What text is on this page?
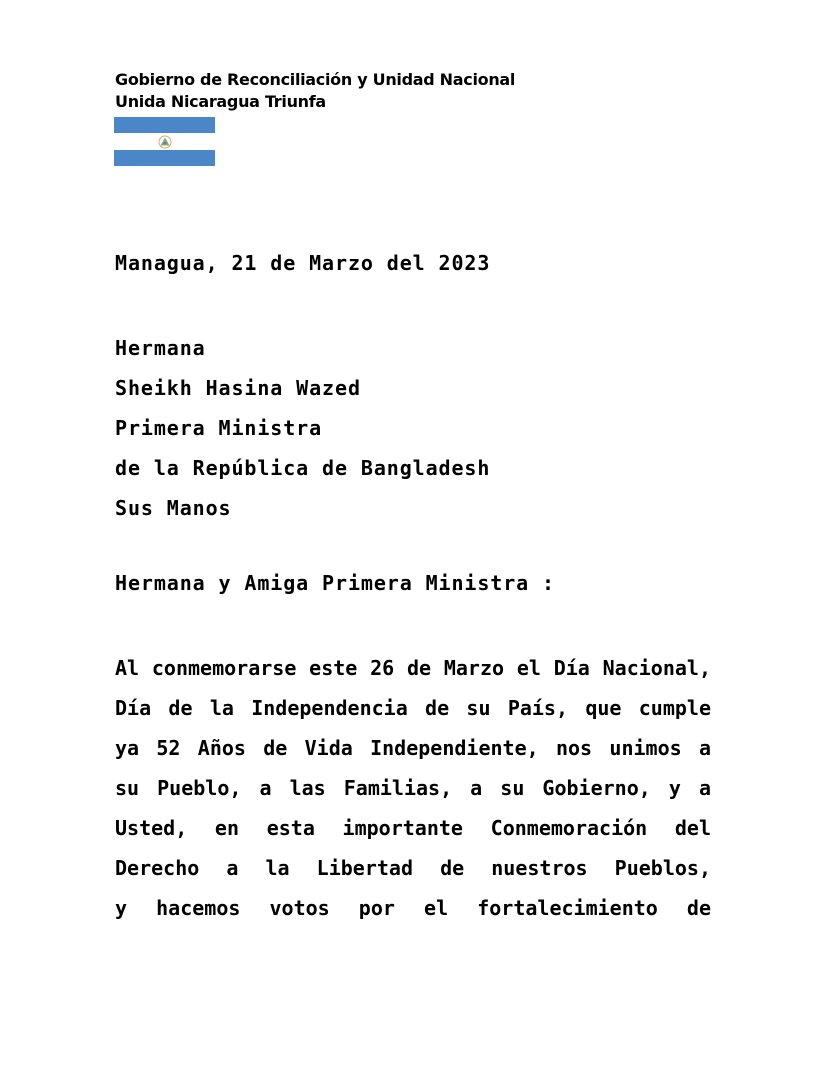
Gobierno de Reconciliación y Unidad Nacional
Unida Nicaragua Triunfa
Managua, 21 de Marzo del 2023
Hermana
Sheikh Hasina Wazed
Primera Ministra
de la República de Bangladesh
Sus Manos
Hermana y Amiga Primera Ministra :
Al conmemorarse este 26 de Marzo el Día Nacional,
Día de la Independencia de su País, que cumple
ya 52 Años de Vida Independiente, nos unimos a
su Pueblo, a las Familias, a su Gobierno, y a
Usted, en esta importante Conmemoración del
Derecho a la Libertad de nuestros Pueblos,
y hacemos votos por el fortalecimiento de
